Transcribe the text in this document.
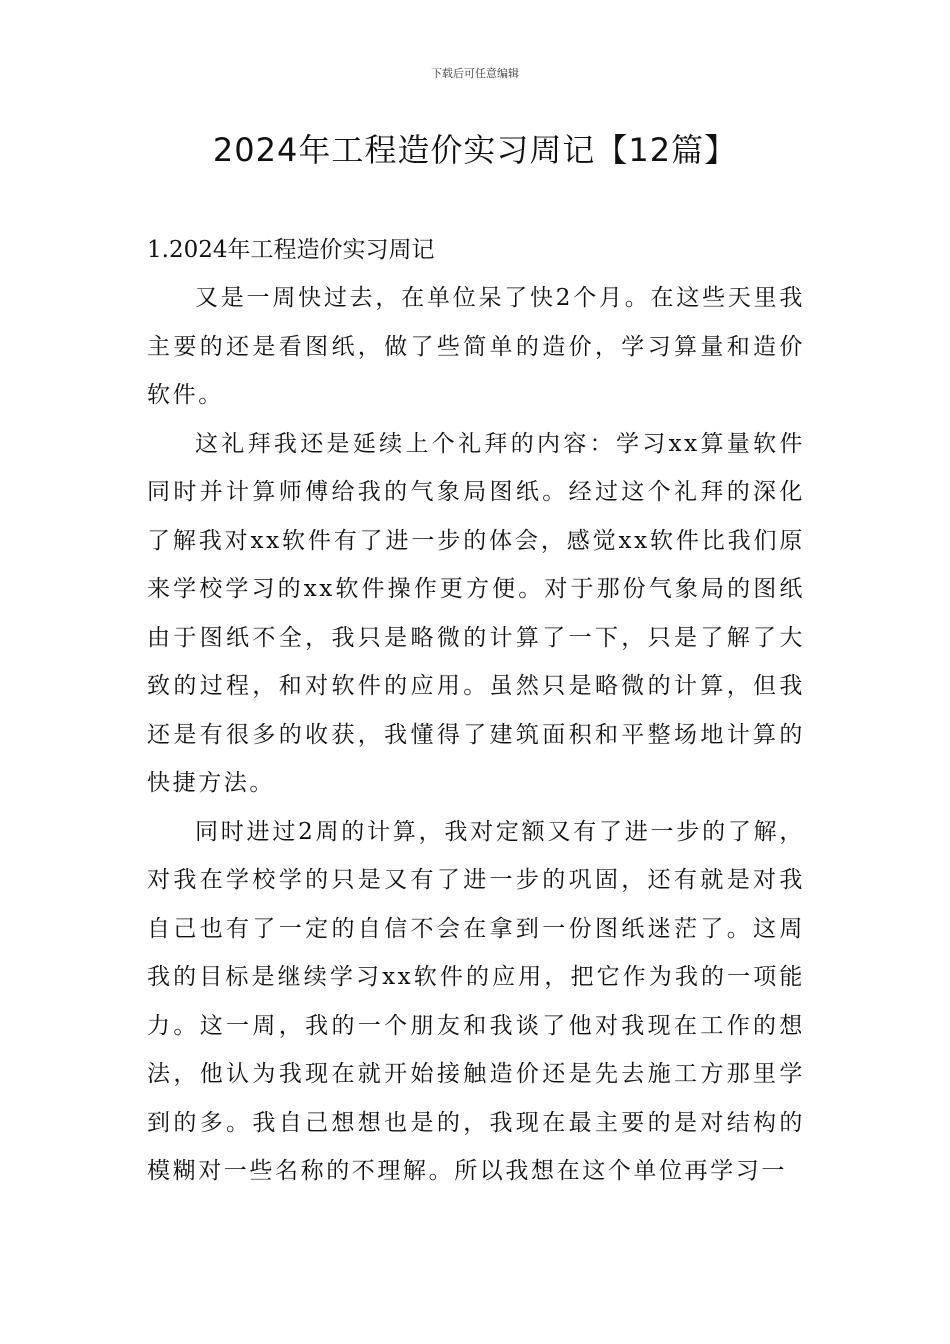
下载后可任意编辑
2024年工程造价实习周记【12篇】

1.2024年工程造价实习周记

又是一周快过去，在单位呆了快2个月。在这些天里我主要的还是看图纸，做了些简单的造价，学习算量和造价软件。

这礼拜我还是延续上个礼拜的内容：学习xx算量软件同时并计算师傅给我的气象局图纸。经过这个礼拜的深化了解我对xx软件有了进一步的体会，感觉xx软件比我们原来学校学习的xx软件操作更方便。对于那份气象局的图纸由于图纸不全，我只是略微的计算了一下，只是了解了大致的过程，和对软件的应用。虽然只是略微的计算，但我还是有很多的收获，我懂得了建筑面积和平整场地计算的快捷方法。

同时进过2周的计算，我对定额又有了进一步的了解，对我在学校学的只是又有了进一步的巩固，还有就是对我自己也有了一定的自信不会在拿到一份图纸迷茫了。这周我的目标是继续学习xx软件的应用，把它作为我的一项能力。这一周，我的一个朋友和我谈了他对我现在工作的想法，他认为我现在就开始接触造价还是先去施工方那里学到的多。我自己想想也是的，我现在最主要的是对结构的模糊对一些名称的不理解。所以我想在这个单位再学习一
